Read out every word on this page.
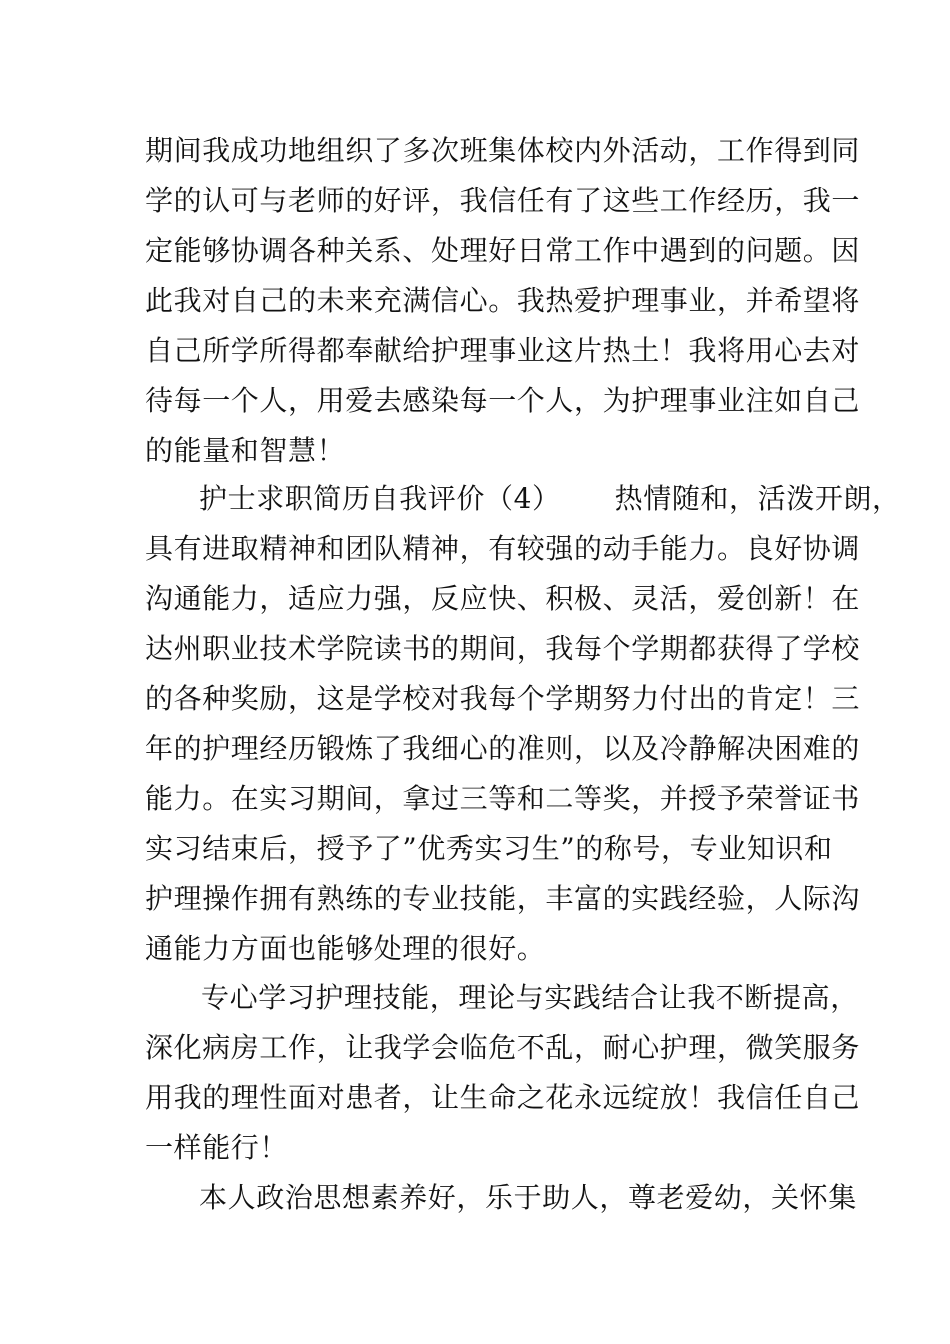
期间我成功地组织了多次班集体校内外活动，工作得到同
学的认可与老师的好评，我信任有了这些工作经历，我一
定能够协调各种关系、处理好日常工作中遇到的问题。因
此我对自己的未来充满信心。我热爱护理事业，并希望将
自己所学所得都奉献给护理事业这片热土！我将用心去对
待每一个人，用爱去感染每一个人，为护理事业注如自己
的能量和智慧！
护士求职简历自我评价（4） 热情随和，活泼开朗，
具有进取精神和团队精神，有较强的动手能力。良好协调
沟通能力，适应力强，反应快、积极、灵活，爱创新！在
达州职业技术学院读书的期间，我每个学期都获得了学校
的各种奖励，这是学校对我每个学期努力付出的肯定！三
年的护理经历锻炼了我细心的准则，以及冷静解决困难的
能力。在实习期间，拿过三等和二等奖，并授予荣誉证书
实习结束后，授予了”优秀实习生”的称号，专业知识和
护理操作拥有熟练的专业技能，丰富的实践经验，人际沟
通能力方面也能够处理的很好。
专心学习护理技能，理论与实践结合让我不断提高，
深化病房工作，让我学会临危不乱，耐心护理，微笑服务
用我的理性面对患者，让生命之花永远绽放！我信任自己
一样能行！
本人政治思想素养好，乐于助人，尊老爱幼，关怀集
